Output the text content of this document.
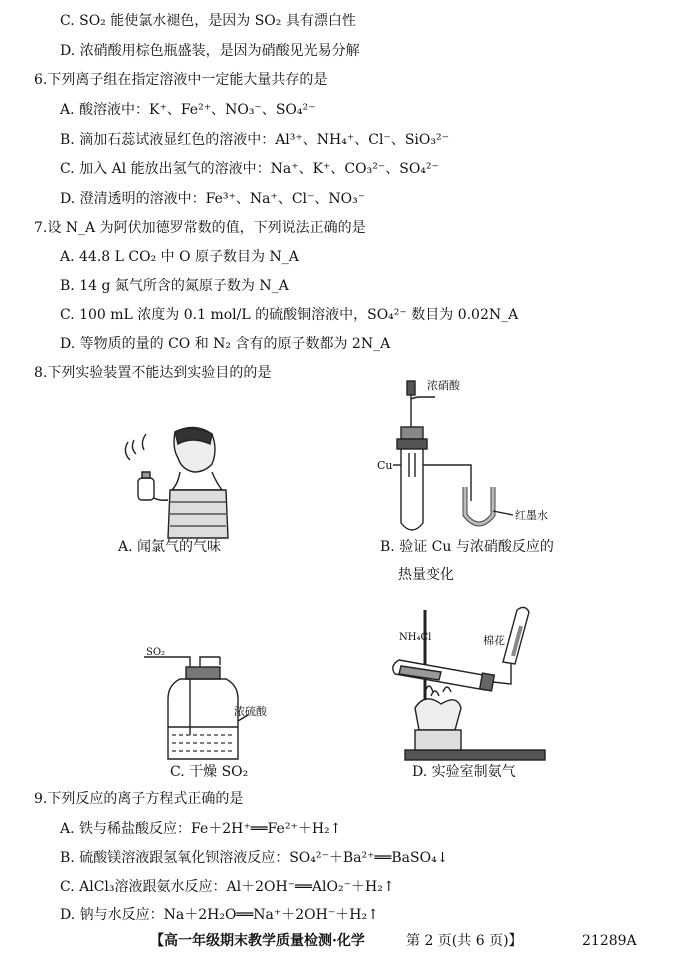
C. SO₂ 能使氯水褪色，是因为 SO₂ 具有漂白性
D. 浓硝酸用棕色瓶盛装，是因为硝酸见光易分解
6.下列离子组在指定溶液中一定能大量共存的是
A. 酸溶液中：K⁺、Fe²⁺、NO₃⁻、SO₄²⁻
B. 滴加石蕊试液显红色的溶液中：Al³⁺、NH₄⁺、Cl⁻、SiO₃²⁻
C. 加入 Al 能放出氢气的溶液中：Na⁺、K⁺、CO₃²⁻、SO₄²⁻
D. 澄清透明的溶液中：Fe³⁺、Na⁺、Cl⁻、NO₃⁻
7.设 N_A 为阿伏加德罗常数的值，下列说法正确的是
A. 44.8 L CO₂ 中 O 原子数目为 N_A
B. 14 g 氮气所含的氮原子数为 N_A
C. 100 mL 浓度为 0.1 mol/L 的硫酸铜溶液中，SO₄²⁻ 数目为 0.02N_A
D. 等物质的量的 CO 和 N₂ 含有的原子数都为 2N_A
8.下列实验装置不能达到实验目的的是
A. 闻氯气的气味
浓硝酸
Cu
红墨水
B. 验证 Cu 与浓硝酸反应的
热量变化
SO₂
浓硫酸
C. 干燥 SO₂
NH₄Cl	棉花
D. 实验室制氨气
9.下列反应的离子方程式正确的是
A. 铁与稀盐酸反应：Fe＋2H⁺══Fe²⁺＋H₂↑
B. 硫酸镁溶液跟氢氧化钡溶液反应：SO₄²⁻＋Ba²⁺══BaSO₄↓
C. AlCl₃溶液跟氨水反应：Al＋2OH⁻══AlO₂⁻＋H₂↑
D. 钠与水反应：Na＋2H₂O══Na⁺＋2OH⁻＋H₂↑
【高一年级期末教学质量检测·化学	第 2 页(共 6 页)】	21289A
